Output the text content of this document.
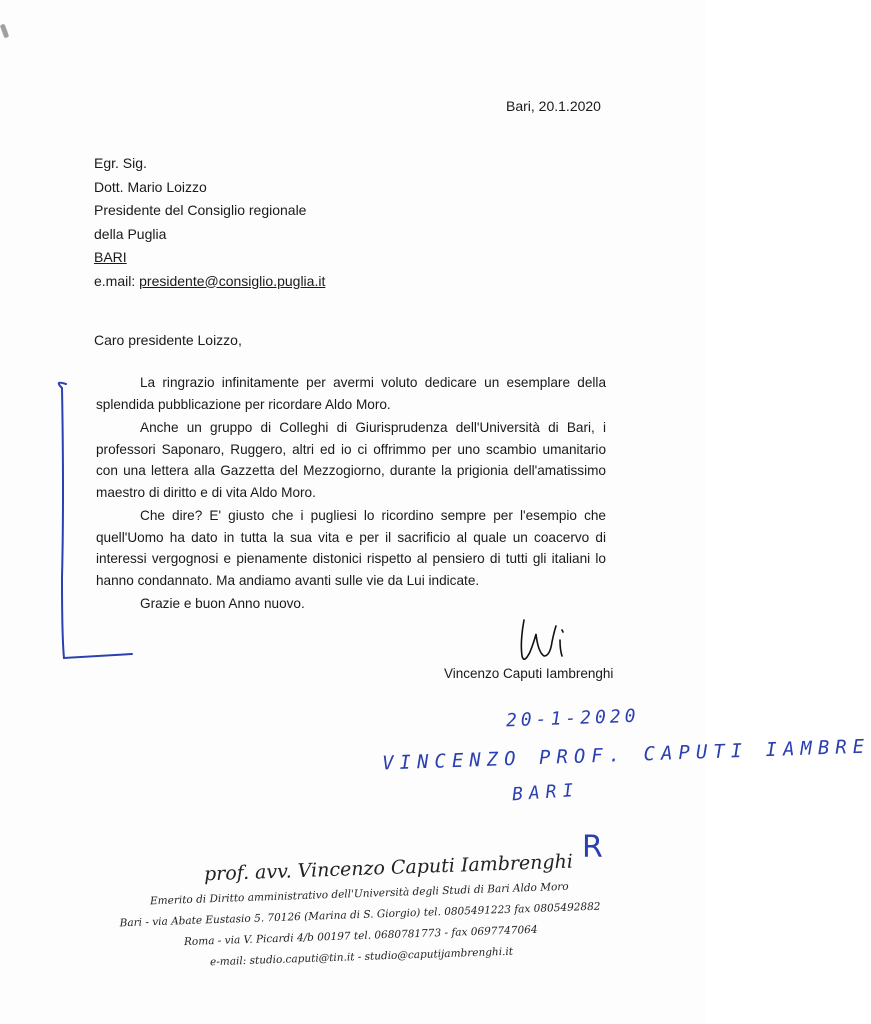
Bari, 20.1.2020
Egr. Sig.
Dott. Mario Loizzo
Presidente del Consiglio regionale
della Puglia
BARI
e.mail: presidente@consiglio.puglia.it
Caro presidente Loizzo,

La ringrazio infinitamente per avermi voluto dedicare un esemplare della splendida pubblicazione per ricordare Aldo Moro.

Anche un gruppo di Colleghi di Giurisprudenza dell'Università di Bari, i professori Saponaro, Ruggero, altri ed io ci offrimmo per uno scambio umanitario con una lettera alla Gazzetta del Mezzogiorno, durante la prigionia dell'amatissimo maestro di diritto e di vita Aldo Moro.

Che dire? E' giusto che i pugliesi lo ricordino sempre per l'esempio che quell'Uomo ha dato in tutta la sua vita e per il sacrificio al quale un coacervo di interessi vergognosi e pienamente distonici rispetto al pensiero di tutti gli italiani lo hanno condannato. Ma andiamo avanti sulle vie da Lui indicate.

Grazie e buon Anno nuovo.

Vincenzo Caputi Iambrenghi
20-1-2020
VINCENZO PROF. CAPUTI IAMBRE
BARI
R
prof. avv. Vincenzo Caputi Iambrenghi
Emerito di Diritto amministrativo dell'Università degli Studi di Bari Aldo Moro
Bari - via Abate Eustasio 5. 70126 (Marina di S. Giorgio) tel. 0805491223 fax 0805492882
Roma - via V. Picardi 4/b 00197 tel. 0680781773 - fax 0697747064
e-mail: studio.caputi@tin.it - studio@caputijambrenghi.it
